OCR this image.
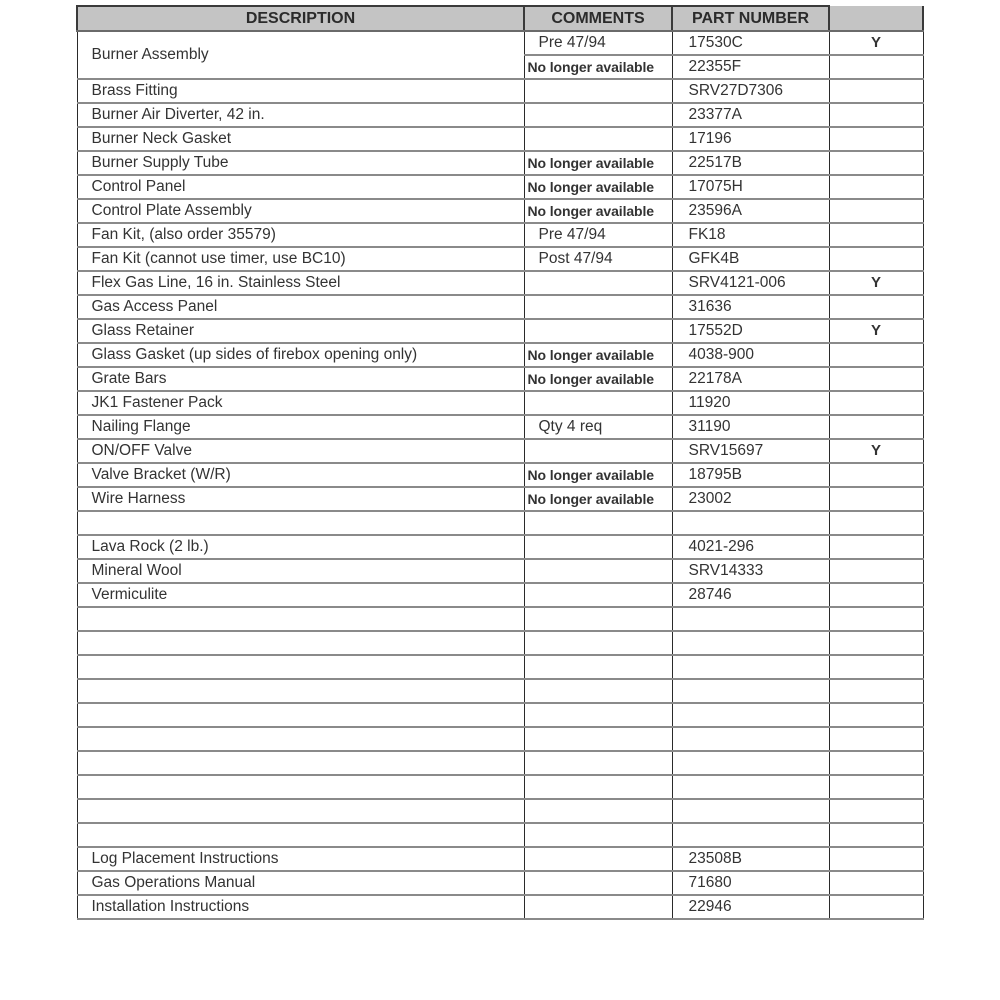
DESCRIPTION	COMMENTS	PART NUMBER	
Burner Assembly	Pre 47/94	17530C	Y
	No longer available	22355F	
Brass Fitting		SRV27D7306	
Burner Air Diverter, 42 in.		23377A	
Burner Neck Gasket		17196	
Burner Supply Tube	No longer available	22517B	
Control Panel	No longer available	17075H	
Control Plate Assembly	No longer available	23596A	
Fan Kit, (also order 35579)	Pre 47/94	FK18	
Fan Kit (cannot use timer, use BC10)	Post 47/94	GFK4B	
Flex Gas Line, 16 in. Stainless Steel		SRV4121-006	Y
Gas Access Panel		31636	
Glass Retainer		17552D	Y
Glass Gasket (up sides of firebox opening only)	No longer available	4038-900	
Grate Bars	No longer available	22178A	
JK1 Fastener Pack		11920	
Nailing Flange	Qty 4 req	31190	
ON/OFF Valve		SRV15697	Y
Valve Bracket (W/R)	No longer available	18795B	
Wire Harness	No longer available	23002	

Lava Rock (2 lb.)		4021-296	
Mineral Wool		SRV14333	
Vermiculite		28746	

Log Placement Instructions		23508B	
Gas Operations Manual		71680	
Installation Instructions		22946	
